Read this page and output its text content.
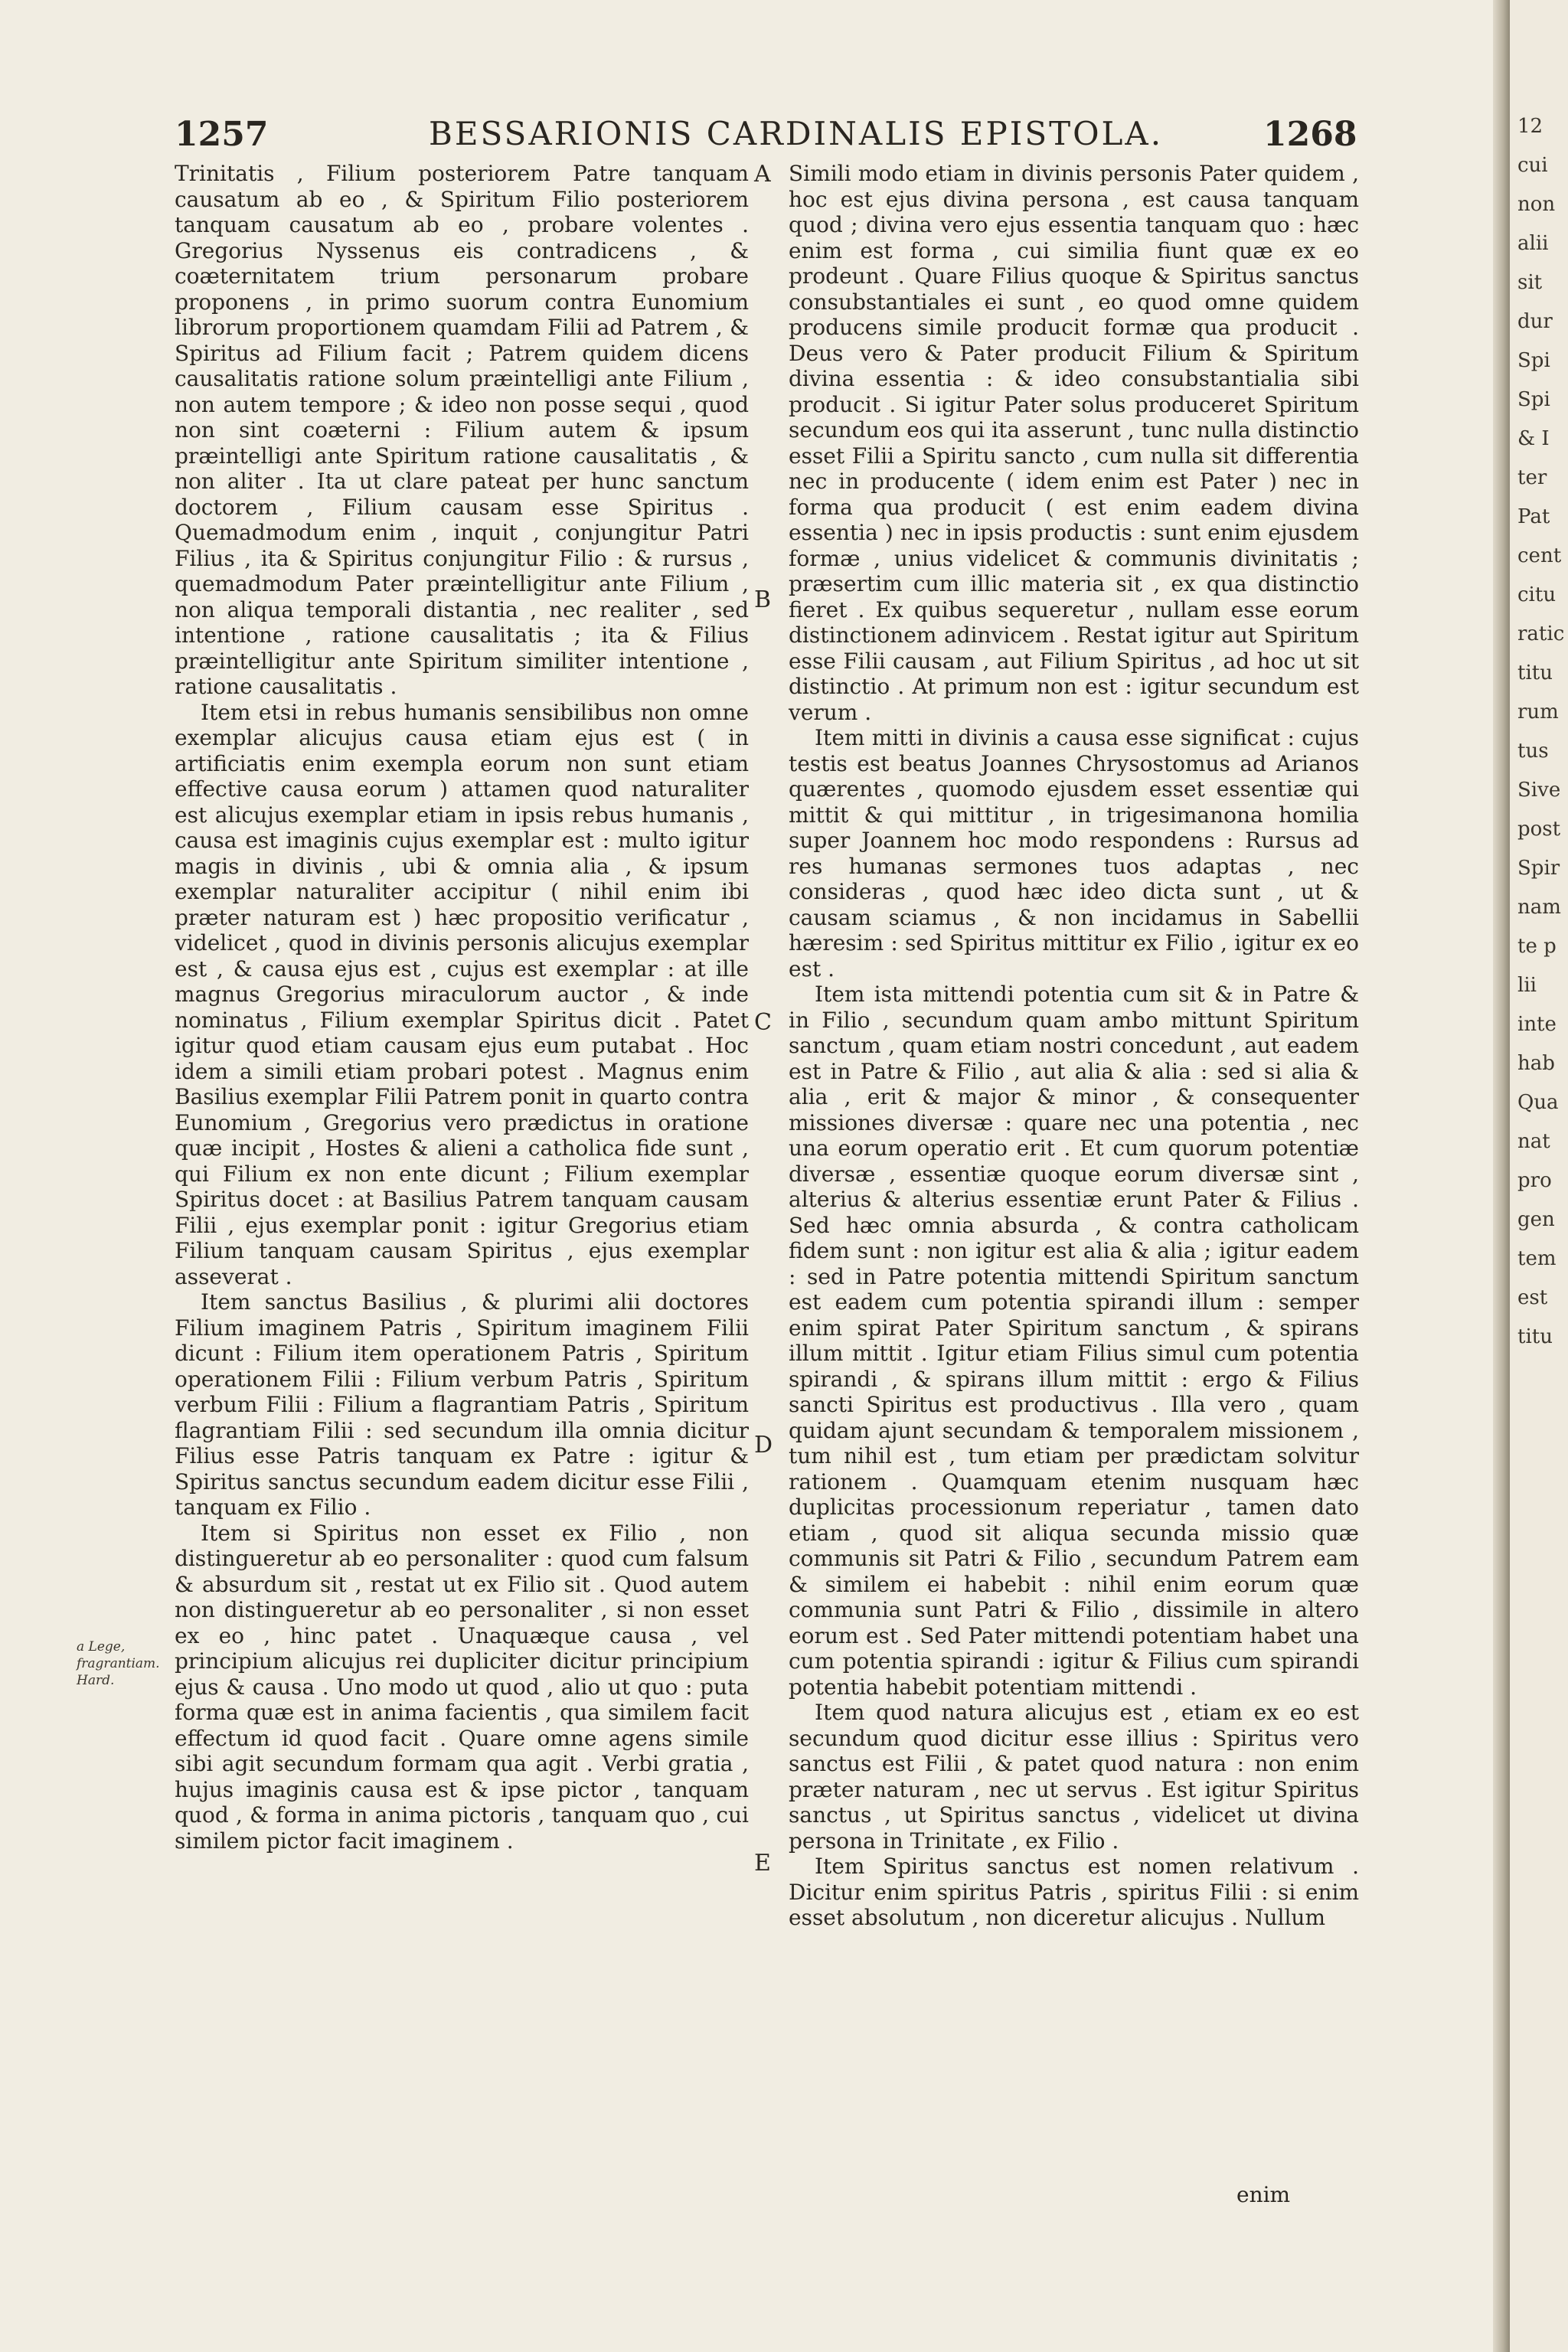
1257	BESSARIONIS CARDINALIS EPISTOLA.	1268
a Lege, fragrantiam. Hard.

Trinitatis , Filium posteriorem Patre tanquam causatum ab eo , & Spiritum Filio posteriorem tanquam causatum ab eo , probare volentes . Gregorius Nyssenus eis contradicens , & coæternitatem trium personarum probare proponens , in primo suorum contra Eunomium librorum proportionem quamdam Filii ad Patrem , & Spiritus ad Filium facit ; Patrem quidem dicens causalitatis ratione solum præintelligi ante Filium , non autem tempore ; & ideo non posse sequi , quod non sint coæterni : Filium autem & ipsum præintelligi ante Spiritum ratione causalitatis , & non aliter . Ita ut clare pateat per hunc sanctum doctorem , Filium causam esse Spiritus . Quemadmodum enim , inquit , conjungitur Patri Filius , ita & Spiritus conjungitur Filio : & rursus , quemadmodum Pater præintelligitur ante Filium , non aliqua temporali distantia , nec realiter , sed intentione , ratione causalitatis ; ita & Filius præintelligitur ante Spiritum similiter intentione , ratione causalitatis .

Item etsi in rebus humanis sensibilibus non omne exemplar alicujus causa etiam ejus est ( in artificiatis enim exempla eorum non sunt etiam effective causa eorum ) attamen quod naturaliter est alicujus exemplar etiam in ipsis rebus humanis , causa est imaginis cujus exemplar est : multo igitur magis in divinis , ubi & omnia alia , & ipsum exemplar naturaliter accipitur ( nihil enim ibi præter naturam est ) hæc propositio verificatur , videlicet , quod in divinis personis alicujus exemplar est , & causa ejus est , cujus est exemplar : at ille magnus Gregorius miraculorum auctor , & inde nominatus , Filium exemplar Spiritus dicit . Patet igitur quod etiam causam ejus eum putabat . Hoc idem a simili etiam probari potest . Magnus enim Basilius exemplar Filii Patrem ponit in quarto contra Eunomium , Gregorius vero prædictus in oratione quæ incipit , Hostes & alieni a catholica fide sunt , qui Filium ex non ente dicunt ; Filium exemplar Spiritus docet : at Basilius Patrem tanquam causam Filii , ejus exemplar ponit : igitur Gregorius etiam Filium tanquam causam Spiritus , ejus exemplar asseverat .

Item sanctus Basilius , & plurimi alii doctores Filium imaginem Patris , Spiritum imaginem Filii dicunt : Filium item operationem Patris , Spiritum operationem Filii : Filium verbum Patris , Spiritum verbum Filii : Filium a flagrantiam Patris , Spiritum flagrantiam Filii : sed secundum illa omnia dicitur Filius esse Patris tanquam ex Patre : igitur & Spiritus sanctus secundum eadem dicitur esse Filii , tanquam ex Filio .

Item si Spiritus non esset ex Filio , non distingueretur ab eo personaliter : quod cum falsum & absurdum sit , restat ut ex Filio sit . Quod autem non distingueretur ab eo personaliter , si non esset ex eo , hinc patet . Unaquæque causa , vel principium alicujus rei dupliciter dicitur principium ejus & causa . Uno modo ut quod , alio ut quo : puta forma quæ est in anima facientis , qua similem facit effectum id quod facit . Quare omne agens simile sibi agit secundum formam qua agit . Verbi gratia , hujus imaginis causa est & ipse pictor , tanquam quod , & forma in anima pictoris , tanquam quo , cui similem pictor facit imaginem .

A
B
C
D
E

Simili modo etiam in divinis personis Pater quidem , hoc est ejus divina persona , est causa tanquam quod ; divina vero ejus essentia tanquam quo : hæc enim est forma , cui similia fiunt quæ ex eo prodeunt . Quare Filius quoque & Spiritus sanctus consubstantiales ei sunt , eo quod omne quidem producens simile producit formæ qua producit . Deus vero & Pater producit Filium & Spiritum divina essentia : & ideo consubstantialia sibi producit . Si igitur Pater solus produceret Spiritum secundum eos qui ita asserunt , tunc nulla distinctio esset Filii a Spiritu sancto , cum nulla sit differentia nec in producente ( idem enim est Pater ) nec in forma qua producit ( est enim eadem divina essentia ) nec in ipsis productis : sunt enim ejusdem formæ , unius videlicet & communis divinitatis ; præsertim cum illic materia sit , ex qua distinctio fieret . Ex quibus sequeretur , nullam esse eorum distinctionem adinvicem . Restat igitur aut Spiritum esse Filii causam , aut Filium Spiritus , ad hoc ut sit distinctio . At primum non est : igitur secundum est verum .

Item mitti in divinis a causa esse significat : cujus testis est beatus Joannes Chrysostomus ad Arianos quærentes , quomodo ejusdem esset essentiæ qui mittit & qui mittitur , in trigesimanona homilia super Joannem hoc modo respondens : Rursus ad res humanas sermones tuos adaptas , nec consideras , quod hæc ideo dicta sunt , ut & causam sciamus , & non incidamus in Sabellii hæresim : sed Spiritus mittitur ex Filio , igitur ex eo est .

Item ista mittendi potentia cum sit & in Patre & in Filio , secundum quam ambo mittunt Spiritum sanctum , quam etiam nostri concedunt , aut eadem est in Patre & Filio , aut alia & alia : sed si alia & alia , erit & major & minor , & consequenter missiones diversæ : quare nec una potentia , nec una eorum operatio erit . Et cum quorum potentiæ diversæ , essentiæ quoque eorum diversæ sint , alterius & alterius essentiæ erunt Pater & Filius . Sed hæc omnia absurda , & contra catholicam fidem sunt : non igitur est alia & alia ; igitur eadem : sed in Patre potentia mittendi Spiritum sanctum est eadem cum potentia spirandi illum : semper enim spirat Pater Spiritum sanctum , & spirans illum mittit . Igitur etiam Filius simul cum potentia spirandi , & spirans illum mittit : ergo & Filius sancti Spiritus est productivus . Illa vero , quam quidam ajunt secundam & temporalem missionem , tum nihil est , tum etiam per prædictam solvitur rationem . Quamquam etenim nusquam hæc duplicitas processionum reperiatur , tamen dato etiam , quod sit aliqua secunda missio quæ communis sit Patri & Filio , secundum Patrem eam & similem ei habebit : nihil enim eorum quæ communia sunt Patri & Filio , dissimile in altero eorum est . Sed Pater mittendi potentiam habet una cum potentia spirandi : igitur & Filius cum spirandi potentia habebit potentiam mittendi .

Item quod natura alicujus est , etiam ex eo est secundum quod dicitur esse illius : Spiritus vero sanctus est Filii , & patet quod natura : non enim præter naturam , nec ut servus . Est igitur Spiritus sanctus , ut Spiritus sanctus , videlicet ut divina persona in Trinitate , ex Filio .

Item Spiritus sanctus est nomen relativum . Dicitur enim spiritus Patris , spiritus Filii : si enim esset absolutum , non diceretur alicujus . Nullum

enim
12
cui
non
alii
sit
dur
Spi
Spi
& I
ter
Pat
cent
citu
ratic
titu
rum
tus
Sive
post
Spir
nam
te p
lii
inte
hab
Qua
nat
pro
gen
tem
est
titu
